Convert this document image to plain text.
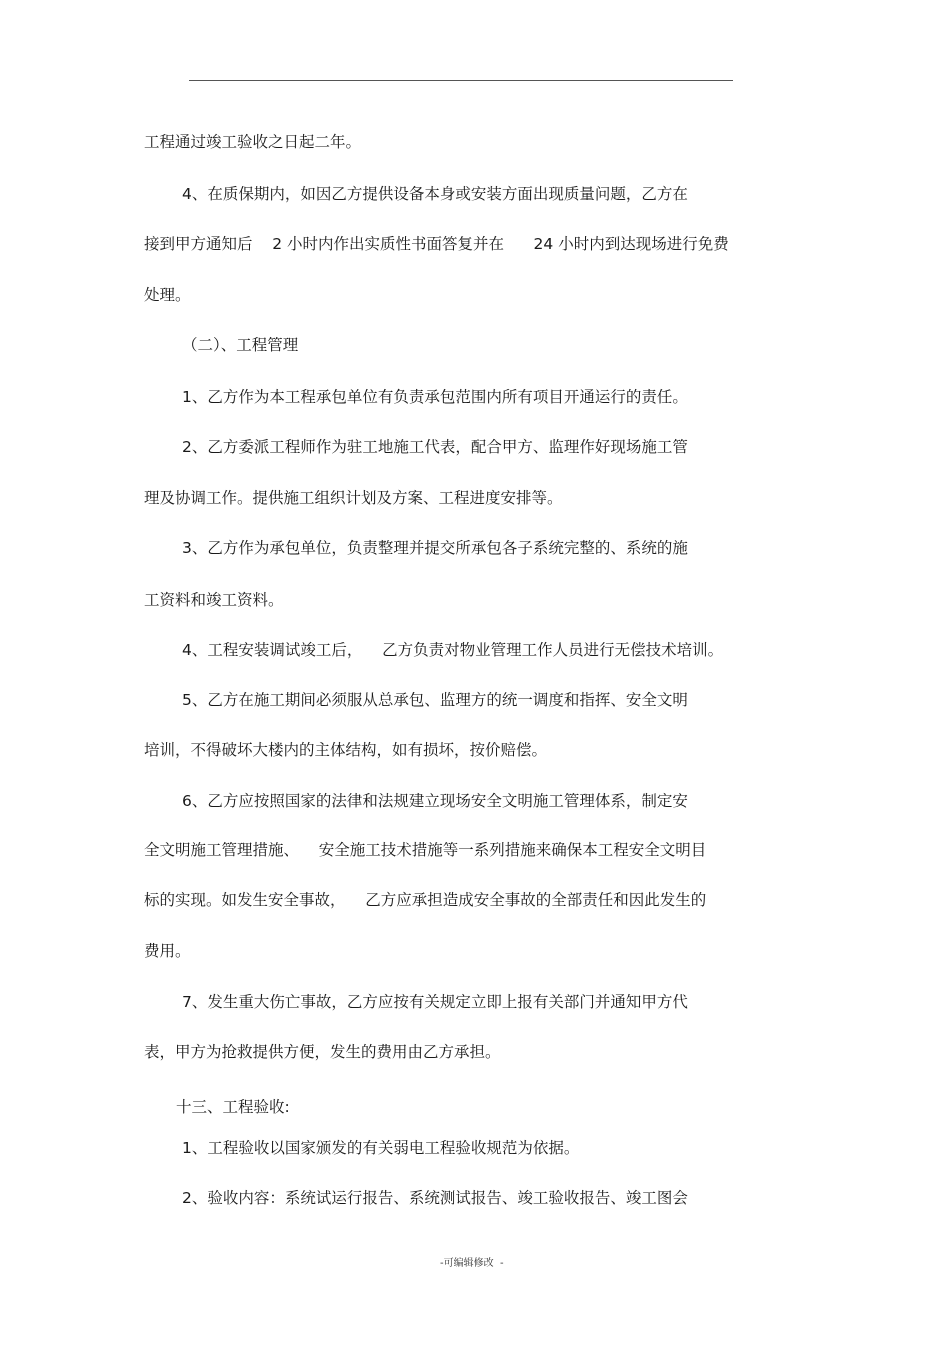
工程通过竣工验收之日起二年。
4、在质保期内，如因乙方提供设备本身或安装方面出现质量问题，乙方在
接到甲方通知后    2 小时内作出实质性书面答复并在      24 小时内到达现场进行免费
处理。
（二）、工程管理
1、乙方作为本工程承包单位有负责承包范围内所有项目开通运行的责任。
2、乙方委派工程师作为驻工地施工代表，配合甲方、监理作好现场施工管
理及协调工作。提供施工组织计划及方案、工程进度安排等。
3、乙方作为承包单位，负责整理并提交所承包各子系统完整的、系统的施
工资料和竣工资料。
4、工程安装调试竣工后，    乙方负责对物业管理工作人员进行无偿技术培训。
5、乙方在施工期间必须服从总承包、监理方的统一调度和指挥、安全文明
培训，不得破坏大楼内的主体结构，如有损坏，按价赔偿。
6、乙方应按照国家的法律和法规建立现场安全文明施工管理体系，制定安
全文明施工管理措施、    安全施工技术措施等一系列措施来确保本工程安全文明目
标的实现。如发生安全事故，    乙方应承担造成安全事故的全部责任和因此发生的
费用。
7、发生重大伤亡事故，乙方应按有关规定立即上报有关部门并通知甲方代
表，甲方为抢救提供方便，发生的费用由乙方承担。
十三、工程验收:
1、工程验收以国家颁发的有关弱电工程验收规范为依据。
2、验收内容：系统试运行报告、系统测试报告、竣工验收报告、竣工图会
-可编辑修改  -
